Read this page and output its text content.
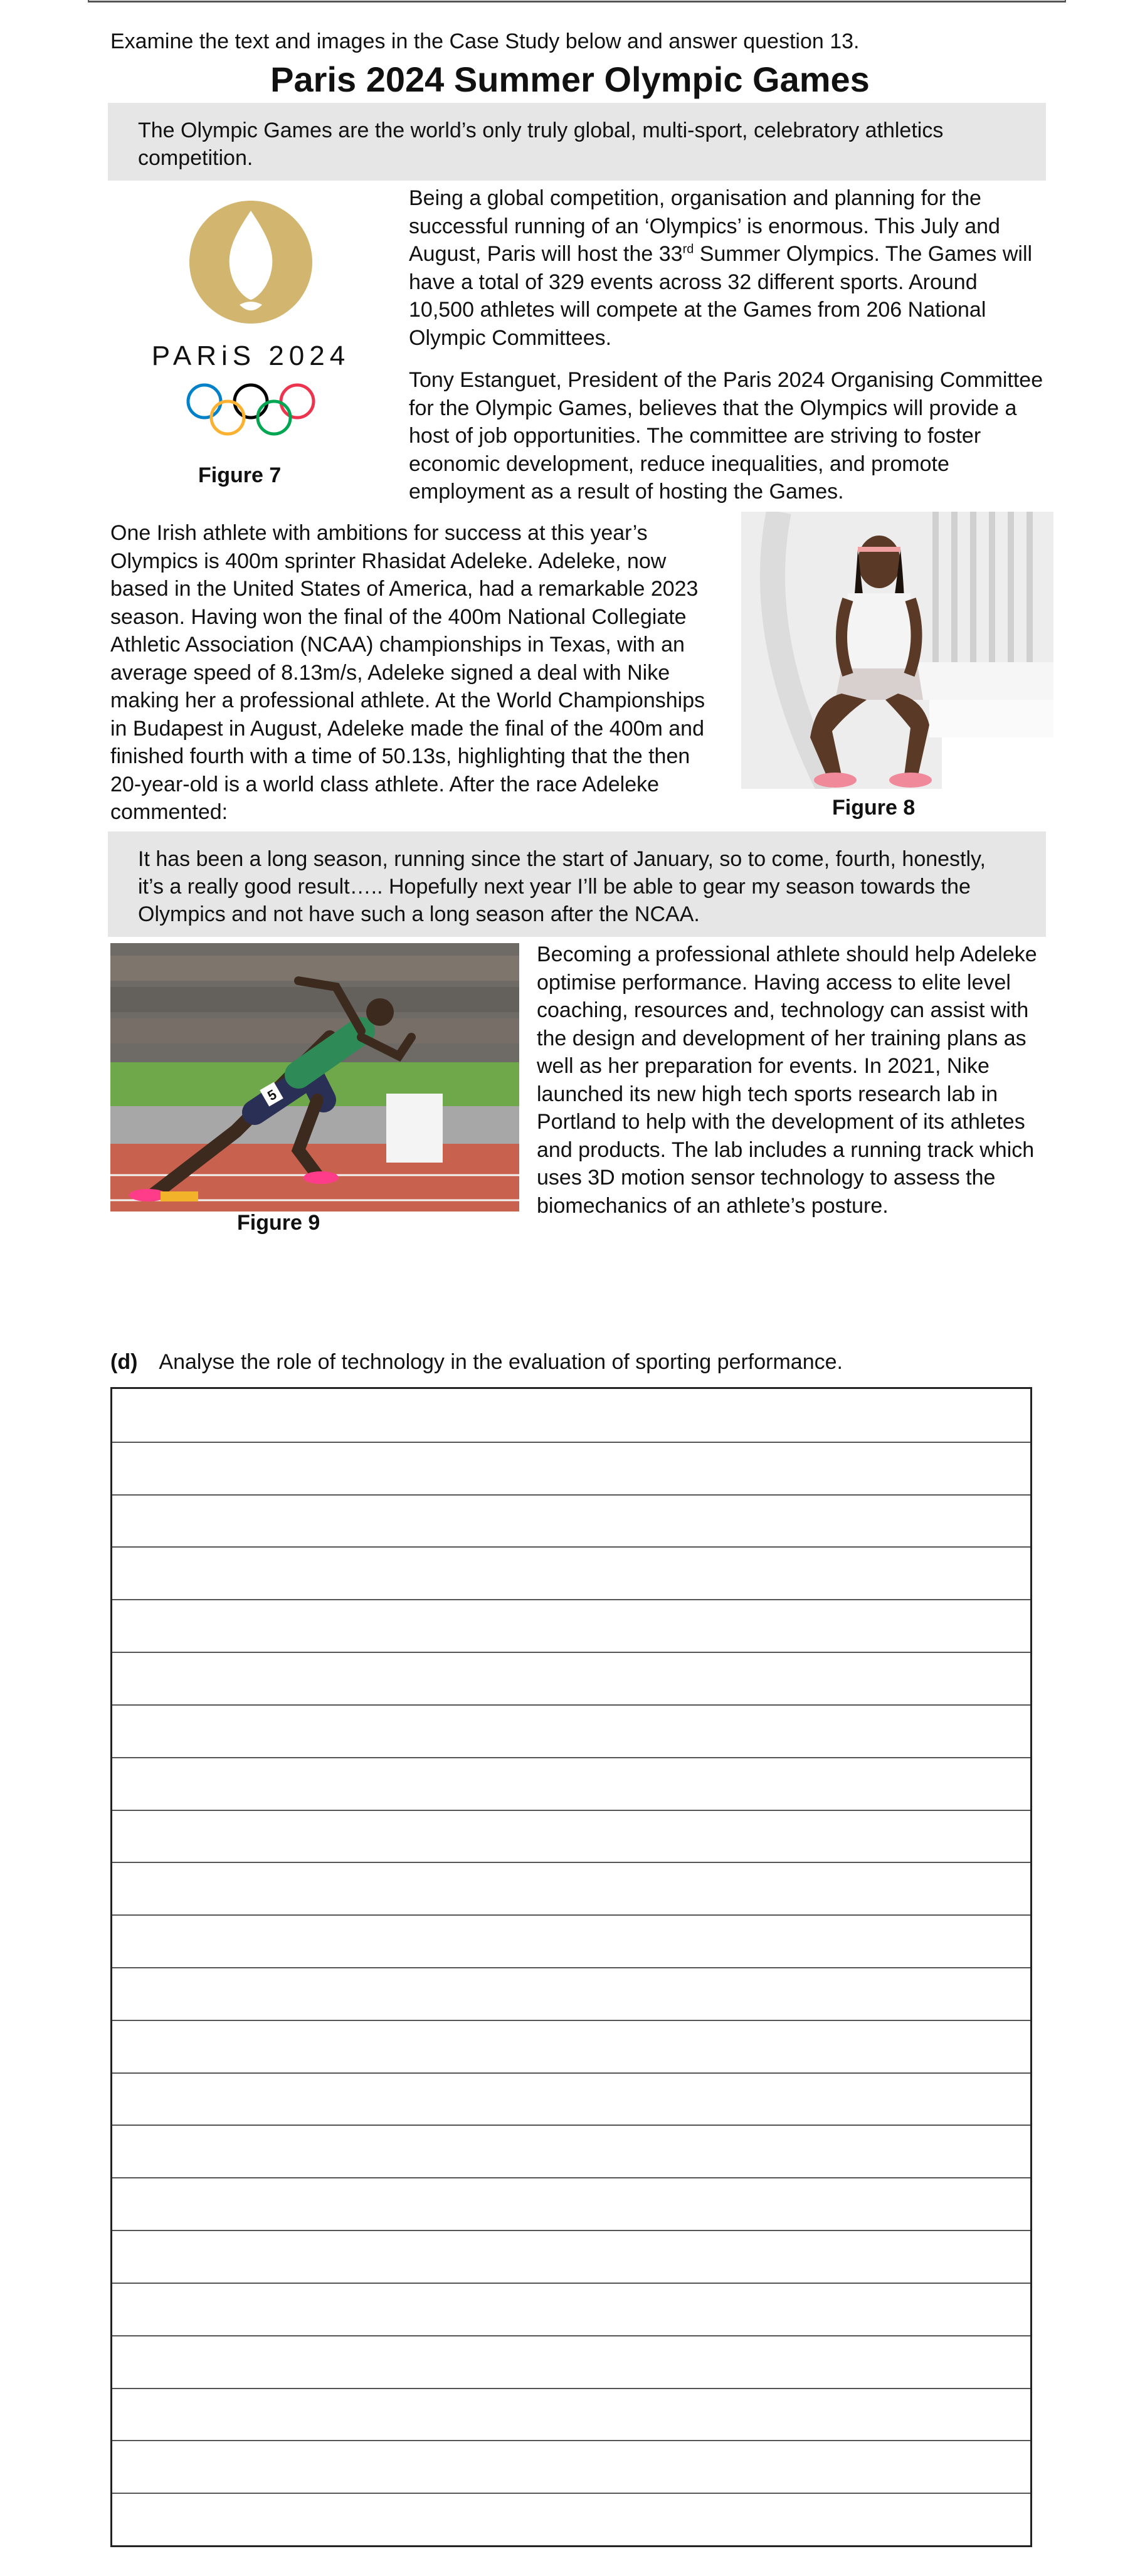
Examine the text and images in the Case Study below and answer question 13.
Paris 2024 Summer Olympic Games
The Olympic Games are the world’s only truly global, multi-sport, celebratory athletics competition.
Being a global competition, organisation and planning for the successful running of an ‘Olympics’ is enormous. This July and August, Paris will host the 33rd Summer Olympics. The Games will have a total of 329 events across 32 different sports. Around 10,500 athletes will compete at the Games from 206 National Olympic Committees.
Tony Estanguet, President of the Paris 2024 Organising Committee for the Olympic Games, believes that the Olympics will provide a host of job opportunities. The committee are striving to foster economic development, reduce inequalities, and promote employment as a result of hosting the Games.
PARiS 2024
Figure 7
One Irish athlete with ambitions for success at this year’s Olympics is 400m sprinter Rhasidat Adeleke. Adeleke, now based in the United States of America, had a remarkable 2023 season. Having won the final of the 400m National Collegiate Athletic Association (NCAA) championships in Texas, with an average speed of 8.13m/s, Adeleke signed a deal with Nike making her a professional athlete. At the World Championships in Budapest in August, Adeleke made the final of the 400m and finished fourth with a time of 50.13s, highlighting that the then 20-year-old is a world class athlete. After the race Adeleke commented:	Figure 8
It has been a long season, running since the start of January, so to come, fourth, honestly, it’s a really good result….. Hopefully next year I’ll be able to gear my season towards the Olympics and not have such a long season after the NCAA.
5
Figure 9
Becoming a professional athlete should help Adeleke optimise performance. Having access to elite level coaching, resources and, technology can assist with the design and development of her training plans as well as her preparation for events. In 2021, Nike launched its new high tech sports research lab in Portland to help with the development of its athletes and products. The lab includes a running track which uses 3D motion sensor technology to assess the biomechanics of an athlete’s posture.
(d) Analyse the role of technology in the evaluation of sporting performance.
